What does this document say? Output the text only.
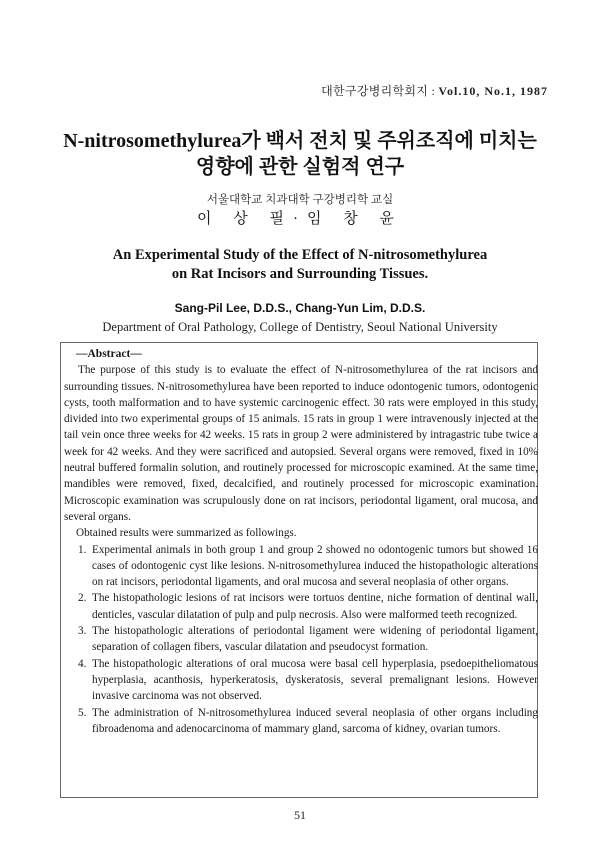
대한구강병리학회지 : Vol.10, No.1, 1987
N-nitrosomethylurea가 백서 전치 및 주위조직에 미치는
영향에 관한 실험적 연구
서울대학교 치과대학 구강병리학 교실
이 상 필·임 창 윤
An Experimental Study of the Effect of N-nitrosomethylurea
on Rat Incisors and Surrounding Tissues.
Sang-Pil Lee, D.D.S., Chang-Yun Lim, D.D.S.
Department of Oral Pathology, College of Dentistry, Seoul National University
—Abstract—

The purpose of this study is to evaluate the effect of N-nitrosomethylurea of the rat incisors and surrounding tissues. N-nitrosomethylurea have been reported to induce odontogenic tumors, odontogenic cysts, tooth malformation and to have systemic carcinogenic effect. 30 rats were employed in this study, divided into two experimental groups of 15 animals. 15 rats in group 1 were intravenously injected at the tail vein once three weeks for 42 weeks. 15 rats in group 2 were administered by intragastric tube twice a week for 42 weeks. And they were sacrificed and autopsied. Several organs were removed, fixed in 10% neutral buffered formalin solution, and routinely processed for microscopic examined. At the same time, mandibles were removed, fixed, decalcified, and routinely processed for microscopic examination. Microscopic examination was scrupulously done on rat incisors, periodontal ligament, oral mucosa, and several organs.

Obtained results were summarized as followings.

1. Experimental animals in both group 1 and group 2 showed no odontogenic tumors but showed 16 cases of odontogenic cyst like lesions. N-nitrosomethylurea induced the histopathologic alterations on rat incisors, periodontal ligaments, and oral mucosa and several neoplasia of other organs.
2. The histopathologic lesions of rat incisors were tortuos dentine, niche formation of dentinal wall, denticles, vascular dilatation of pulp and pulp necrosis. Also were malformed teeth recognized.
3. The histopathologic alterations of periodontal ligament were widening of periodontal ligament, separation of collagen fibers, vascular dilatation and pseudocyst formation.
4. The histopathologic alterations of oral mucosa were basal cell hyperplasia, psedoepitheliomatous hyperplasia, acanthosis, hyperkeratosis, dyskeratosis, several premalignant lesions. However invasive carcinoma was not observed.
5. The administration of N-nitrosomethylurea induced several neoplasia of other organs including fibroadenoma and adenocarcinoma of mammary gland, sarcoma of kidney, ovarian tumors.
51
